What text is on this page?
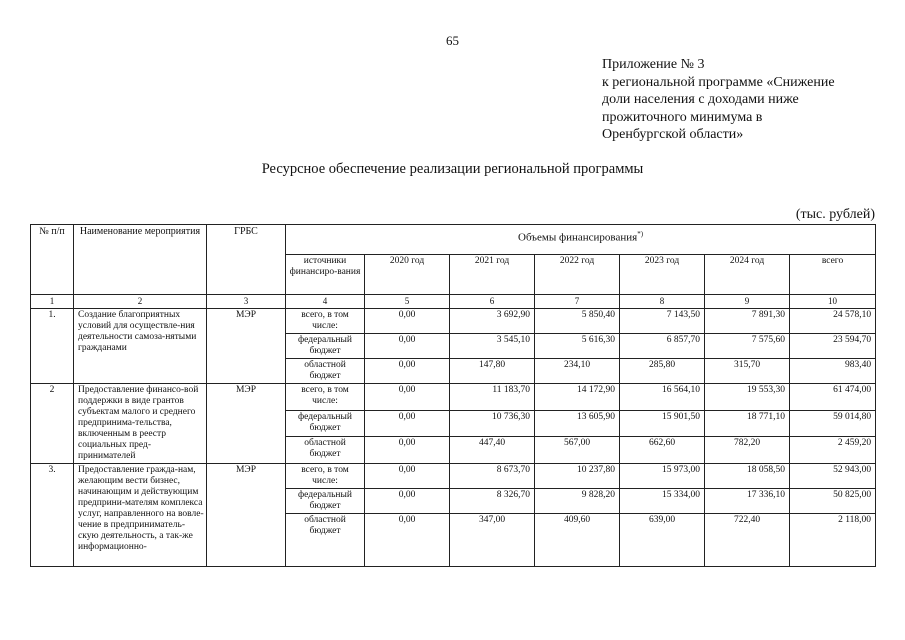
65
Приложение № 3
к региональной программе «Снижение
доли населения с доходами ниже
прожиточного минимума в
Оренбургской области»
Ресурсное обеспечение реализации региональной программы
(тыс. рублей)
№ п/п	Наименование мероприятия	ГРБС	Объемы финансирования*)
			источники финансиро-вания	2020 год	2021 год	2022 год	2023 год	2024 год	всего
1	2	3	4	5	6	7	8	9	10
1.	Создание благоприятных условий для осуществле-ния деятельности самоза-нятыми гражданами	МЭР	всего, в том числе:	0,00	3 692,90	5 850,40	7 143,50	7 891,30	24 578,10
			федеральный бюджет	0,00	3 545,10	5 616,30	6 857,70	7 575,60	23 594,70
			областной бюджет	0,00	147,80	234,10	285,80	315,70	983,40
2	Предоставление финансо-вой поддержки в виде грантов субъектам малого и среднего предпринима-тельства, включенным в реестр социальных пред-принимателей	МЭР	всего, в том числе:	0,00	11 183,70	14 172,90	16 564,10	19 553,30	61 474,00
			федеральный бюджет	0,00	10 736,30	13 605,90	15 901,50	18 771,10	59 014,80
			областной бюджет	0,00	447,40	567,00	662,60	782,20	2 459,20
3.	Предоставление гражда-нам, желающим вести бизнес, начинающим и действующим предприни-мателям комплекса услуг, направленного на вовле-чение в предприниматель-скую деятельность, а так-же информационно-	МЭР	всего, в том числе:	0,00	8 673,70	10 237,80	15 973,00	18 058,50	52 943,00
			федеральный бюджет	0,00	8 326,70	9 828,20	15 334,00	17 336,10	50 825,00
			областной бюджет	0,00	347,00	409,60	639,00	722,40	2 118,00
